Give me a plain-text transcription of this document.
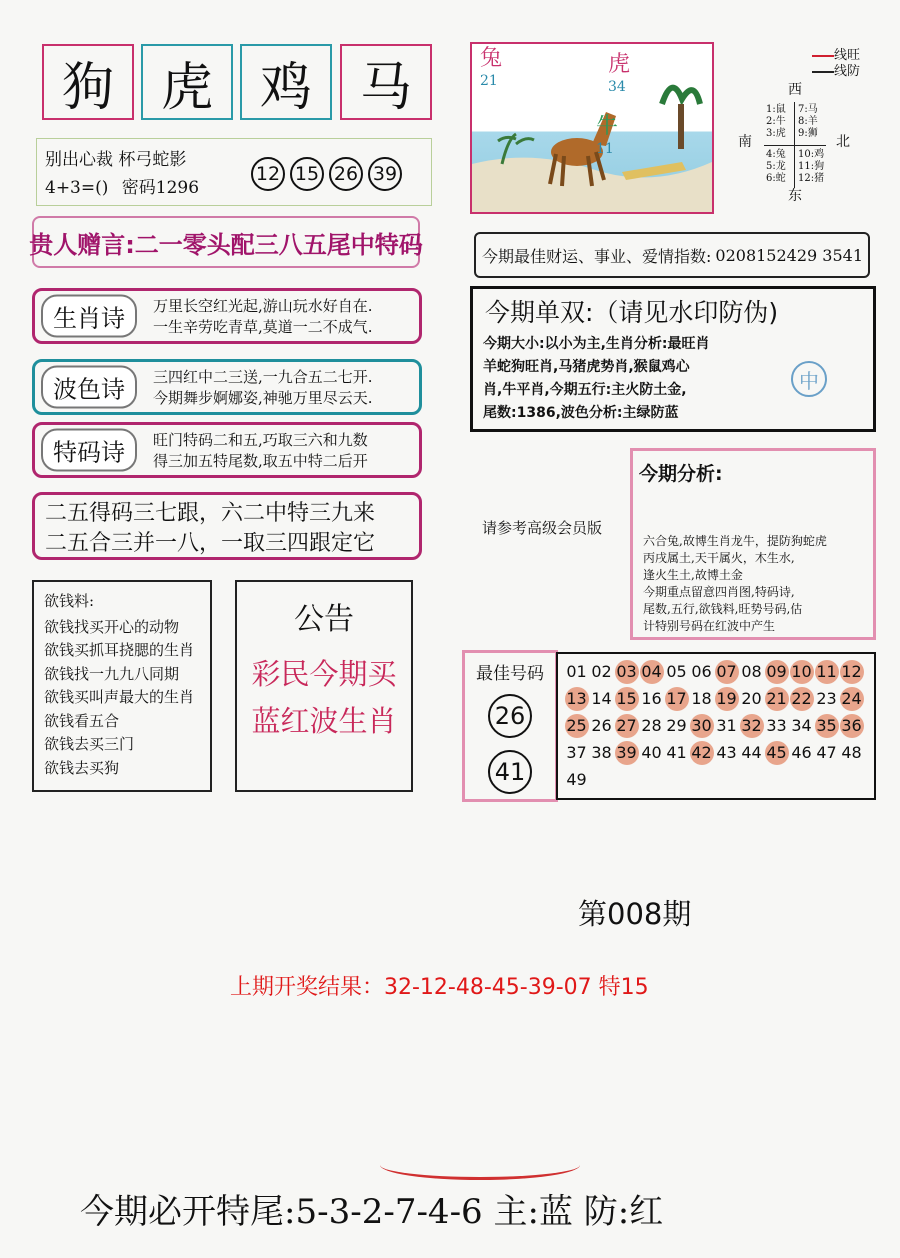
狗 虎 鸡 马
别出心裁 杯弓蛇影
4+3=() 密码1296
12 15 26 39
贵人赠言:二一零头配三八五尾中特码
生肖诗	万里长空红光起,游山玩水好自在.
一生辛劳吃青草,莫道一二不成气.
波色诗	三四红中二三送,一九合五二七开.
今期舞步婀娜姿,神驰万里尽云天.
特码诗	旺门特码二和五,巧取三六和九数
得三加五特尾数,取五中特二后开
二五得码三七跟，六二中特三九来
二五合三并一八，一取三四跟定它
欲钱料:
欲钱找买开心的动物
欲钱买抓耳挠腮的生肖
欲钱找一九九八同期
欲钱买叫声最大的生肖
欲钱看五合
欲钱去买三门
欲钱去买狗
公告
彩民今期买
蓝红波生肖
兔
21
虎
34
牛
11
线旺
线防
西
南	北
东
1:鼠
2:牛
3:虎
7:马
8:羊
9:狮
4:兔
5:龙
6:蛇
10:鸡
11:狗
12:猪
今期最佳财运、事业、爱情指数: 0208152429 3541
今期单双:（请见水印防伪)
今期大小:以小为主,生肖分析:最旺肖
羊蛇狗旺肖,马猪虎势肖,猴鼠鸡心
肖,牛平肖,今期五行:主火防土金,
尾数:1386,波色分析:主绿防蓝
中
请参考高级会员版
今期分析:
六合兔,故博生肖龙牛，提防狗蛇虎
丙戌属土,天干属火，木生水,
逢火生土,故博土金
今期重点留意四肖图,特码诗,
尾数,五行,欲钱料,旺势号码,估
计特别号码在红波中产生
最佳号码
26
41
01 02 03 04 05 06 07 08 09 10 11 12
13 14 15 16 17 18 19 20 21 22 23 24
25 26 27 28 29 30 31 32 33 34 35 36
37 38 39 40 41 42 43 44 45 46 47 48
49
第008期
上期开奖结果：32-12-48-45-39-07 特15
今期必开特尾:5-3-2-7-4-6 主:蓝 防:红
